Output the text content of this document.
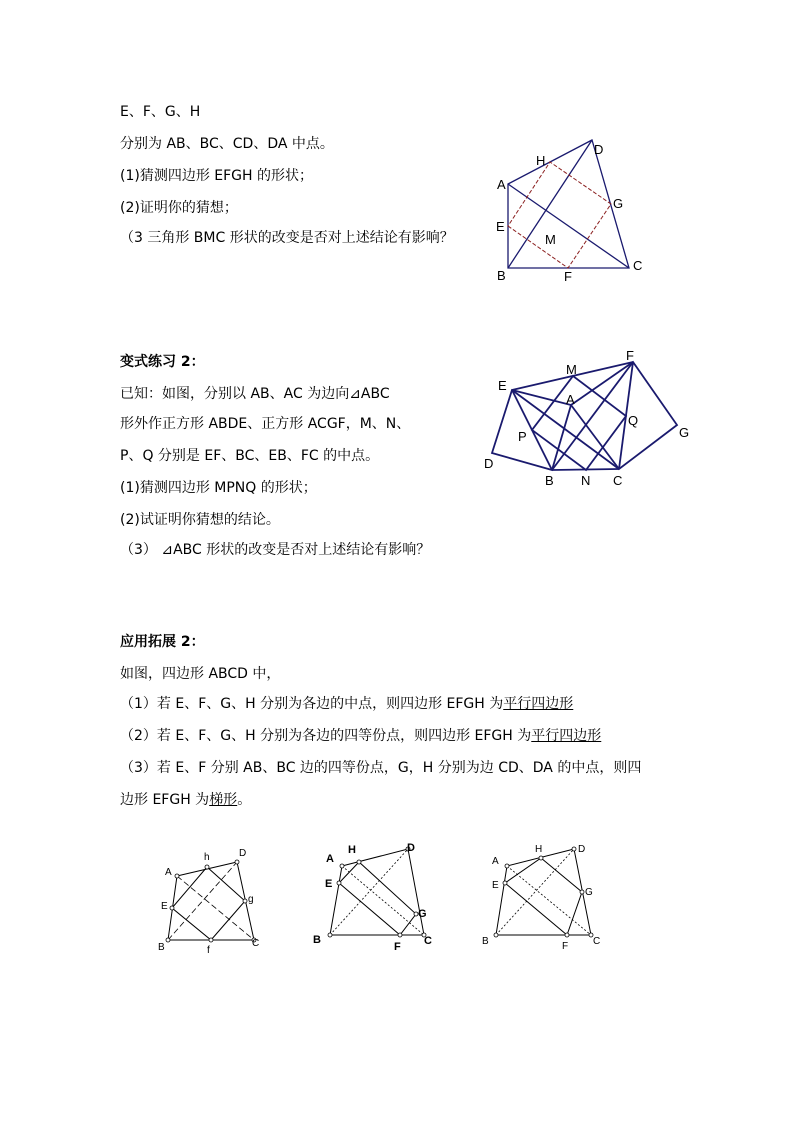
E、F、G、H
分别为 AB、BC、CD、DA 中点。
(1)猜测四边形 EFGH 的形状；
(2)证明你的猜想；
（3 三角形 BMC 形状的改变是否对上述结论有影响？
A
B
C
D
E
F
G
H
M
变式练习 2：
已知：如图，分别以 AB、AC 为边向⊿ABC
形外作正方形 ABDE、正方形 ACGF，M、N、
P、Q 分别是 EF、BC、EB、FC 的中点。
(1)猜测四边形 MPNQ 的形状；
(2)试证明你猜想的结论。
（3） ⊿ABC 形状的改变是否对上述结论有影响？
E
M
F
A
Q
G
P
D
B N C
应用拓展 2：
如图，四边形 ABCD 中，
（1）若 E、F、G、H 分别为各边的中点，则四边形 EFGH 为平行四边形
（2）若 E、F、G、H 分别为各边的四等份点，则四边形 EFGH 为平行四边形
（3）若 E、F 分别 AB、BC 边的四等份点，G，H 分别为边 CD、DA 的中点，则四
边形 EFGH 为梯形。
A
B	C
D
E
h
g
f
A
B	C
D
E
H
G
F
A
B	C
D
E
H
G
F
